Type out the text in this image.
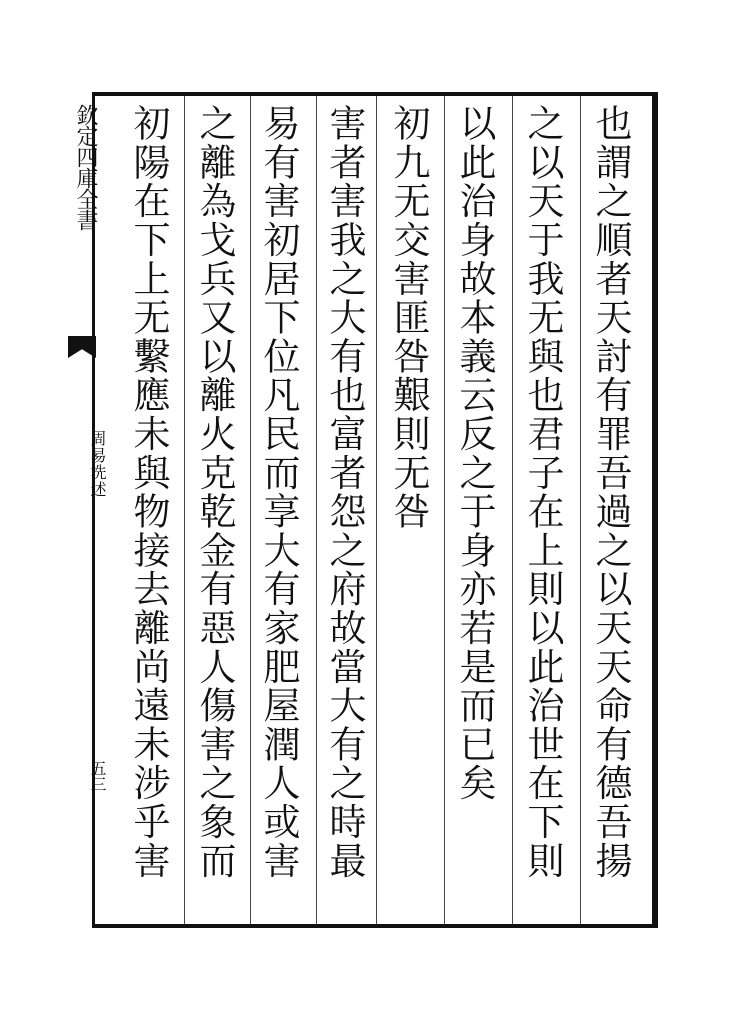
欽定四庫全書
周易洗述
五三	也謂之順者天討有罪吾過之以天天命有德吾揚
之以天于我无與也君子在上則以此治世在下則
以此治身故本義云反之于身亦若是而已矣
初九无交害匪咎艱則无咎
害者害我之大有也富者怨之府故當大有之時最
易有害初居下位凡民而享大有家肥屋潤人或害
之離為戈兵又以離火克乾金有惡人傷害之象而
初陽在下上无繫應未與物接去離尚遠未涉乎害
